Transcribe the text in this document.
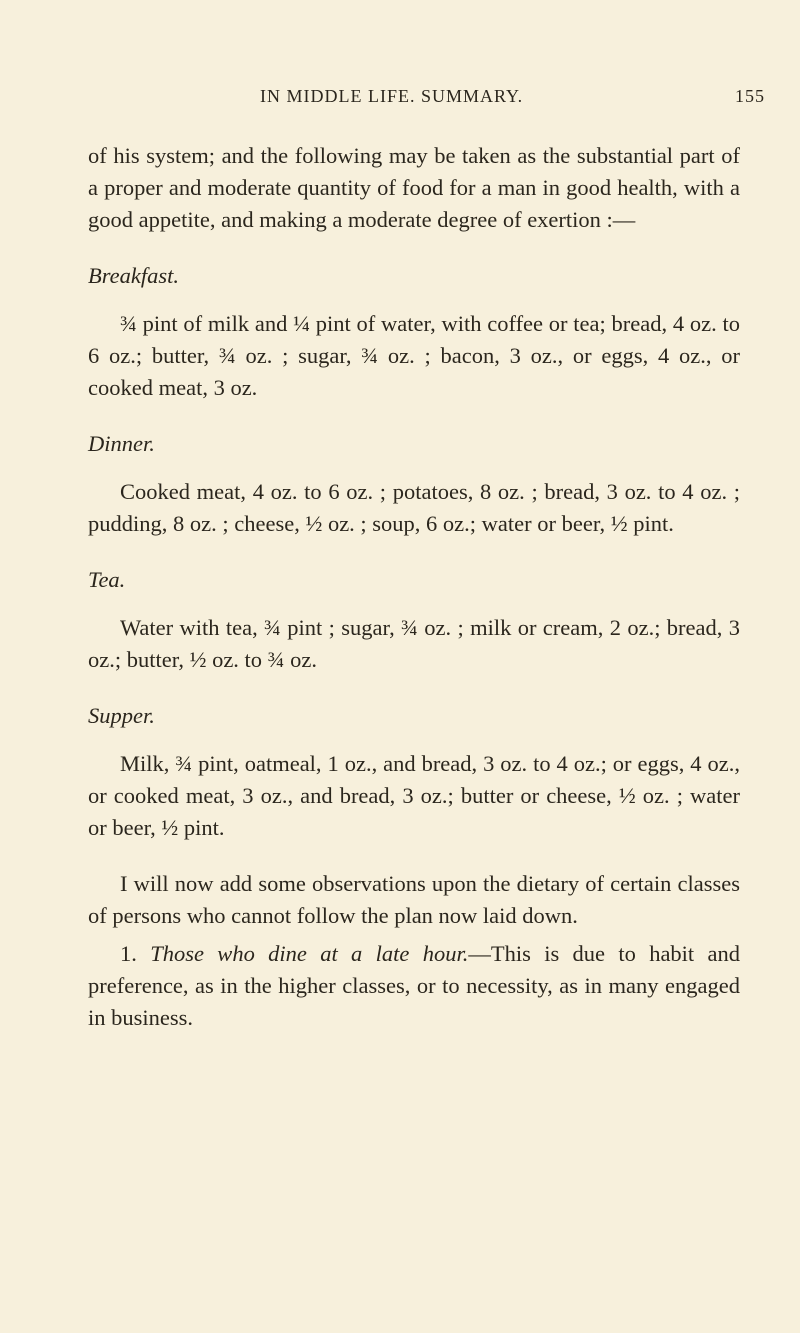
IN MIDDLE LIFE. SUMMARY.	155

of his system; and the following may be taken as the substantial part of a proper and moderate quantity of food for a man in good health, with a good appetite, and making a moderate degree of exertion :—

Breakfast.

¾ pint of milk and ¼ pint of water, with coffee or tea; bread, 4 oz. to 6 oz.; butter, ¾ oz. ; sugar, ¾ oz. ; bacon, 3 oz., or eggs, 4 oz., or cooked meat, 3 oz.

Dinner.

Cooked meat, 4 oz. to 6 oz. ; potatoes, 8 oz. ; bread, 3 oz. to 4 oz. ; pudding, 8 oz. ; cheese, ½ oz. ; soup, 6 oz.; water or beer, ½ pint.

Tea.

Water with tea, ¾ pint ; sugar, ¾ oz. ; milk or cream, 2 oz.; bread, 3 oz.; butter, ½ oz. to ¾ oz.

Supper.

Milk, ¾ pint, oatmeal, 1 oz., and bread, 3 oz. to 4 oz.; or eggs, 4 oz., or cooked meat, 3 oz., and bread, 3 oz.; butter or cheese, ½ oz. ; water or beer, ½ pint.

I will now add some observations upon the dietary of certain classes of persons who cannot follow the plan now laid down.

1. Those who dine at a late hour.—This is due to habit and preference, as in the higher classes, or to necessity, as in many engaged in business.
